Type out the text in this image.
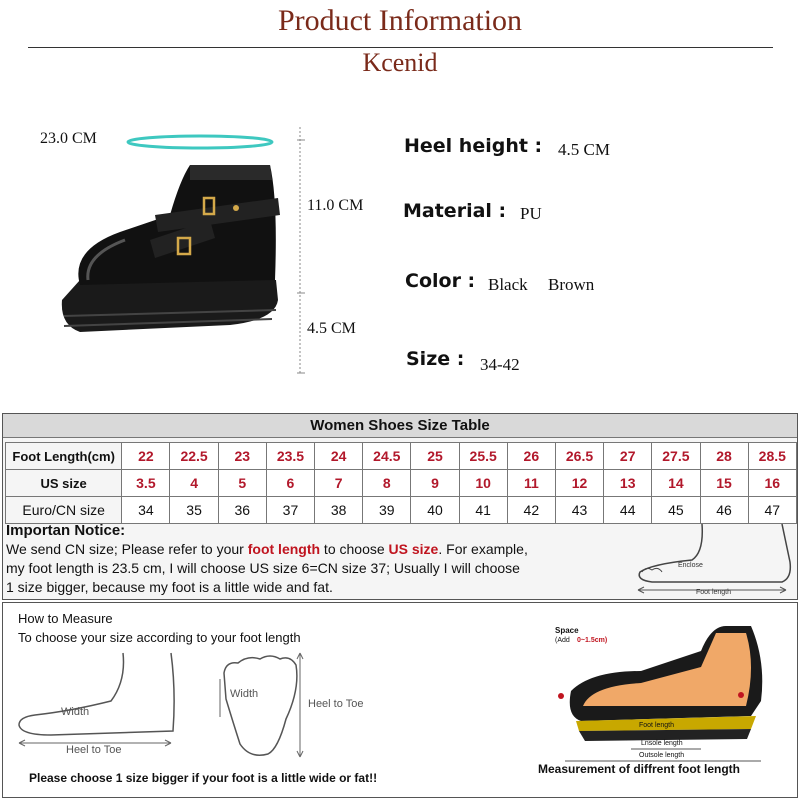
Product Information
Kcenid
23.0 CM
11.0 CM
4.5 CM
Heel height : 4.5 CM
Material : PU
Color : Black Brown
Size : 34-42
Women Shoes Size Table
Foot Length(cm)	22	22.5	23	23.5	24	24.5	25	25.5	26	26.5	27	27.5	28	28.5
US size	3.5	4	5	6	7	8	9	10	11	12	13	14	15	16
Euro/CN size	34	35	36	37	38	39	40	41	42	43	44	45	46	47
Importan Notice:
We send CN size; Please refer to your foot length to choose US size. For example,
my foot length is 23.5 cm, I will choose US size 6=CN size 37; Usually I will choose
1 size bigger, because my foot is a little wide and fat.
Enclose
Foot length
How to Measure
To choose your size according to your foot length
Width
Heel to Toe
Width
Heel to Toe
Space
(Add 0~1.5cm)
Foot length
Lnsole length
Outsole length
Measurement of diffrent foot length
Please choose 1 size bigger if your foot is a little wide or fat!!
